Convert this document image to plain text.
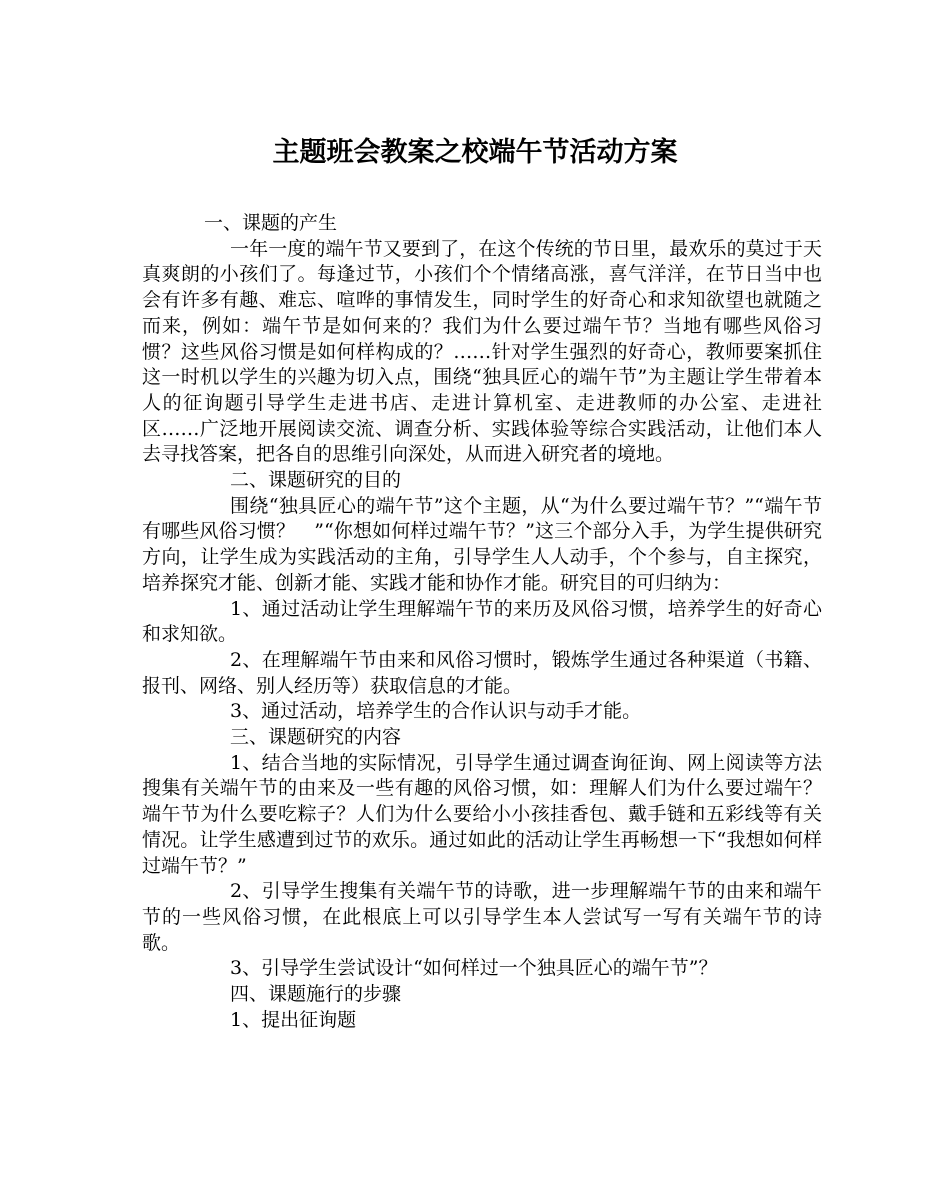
主题班会教案之校端午节活动方案

一、课题的产生

一年一度的端午节又要到了，在这个传统的节日里，最欢乐的莫过于天真爽朗的小孩们了。每逢过节，小孩们个个情绪高涨，喜气洋洋，在节日当中也会有许多有趣、难忘、喧哗的事情发生，同时学生的好奇心和求知欲望也就随之而来，例如：端午节是如何来的？我们为什么要过端午节？当地有哪些风俗习惯？这些风俗习惯是如何样构成的？……针对学生强烈的好奇心，教师要案抓住这一时机以学生的兴趣为切入点，围绕“独具匠心的端午节”为主题让学生带着本人的征询题引导学生走进书店、走进计算机室、走进教师的办公室、走进社区……广泛地开展阅读交流、调查分析、实践体验等综合实践活动，让他们本人去寻找答案，把各自的思维引向深处，从而进入研究者的境地。

二、课题研究的目的

围绕“独具匠心的端午节”这个主题，从“为什么要过端午节？”“端午节有哪些风俗习惯？　”“你想如何样过端午节？”这三个部分入手，为学生提供研究方向，让学生成为实践活动的主角，引导学生人人动手，个个参与，自主探究，培养探究才能、创新才能、实践才能和协作才能。研究目的可归纳为：

1、通过活动让学生理解端午节的来历及风俗习惯，培养学生的好奇心和求知欲。

2、在理解端午节由来和风俗习惯时，锻炼学生通过各种渠道（书籍、报刊、网络、别人经历等）获取信息的才能。

3、通过活动，培养学生的合作认识与动手才能。

三、课题研究的内容

1、结合当地的实际情况，引导学生通过调查询征询、网上阅读等方法搜集有关端午节的由来及一些有趣的风俗习惯，如：理解人们为什么要过端午？端午节为什么要吃粽子？人们为什么要给小小孩挂香包、戴手链和五彩线等有关情况。让学生感遭到过节的欢乐。通过如此的活动让学生再畅想一下“我想如何样过端午节？”

2、引导学生搜集有关端午节的诗歌，进一步理解端午节的由来和端午节的一些风俗习惯，在此根底上可以引导学生本人尝试写一写有关端午节的诗歌。

3、引导学生尝试设计“如何样过一个独具匠心的端午节”？

四、课题施行的步骤

1、提出征询题
